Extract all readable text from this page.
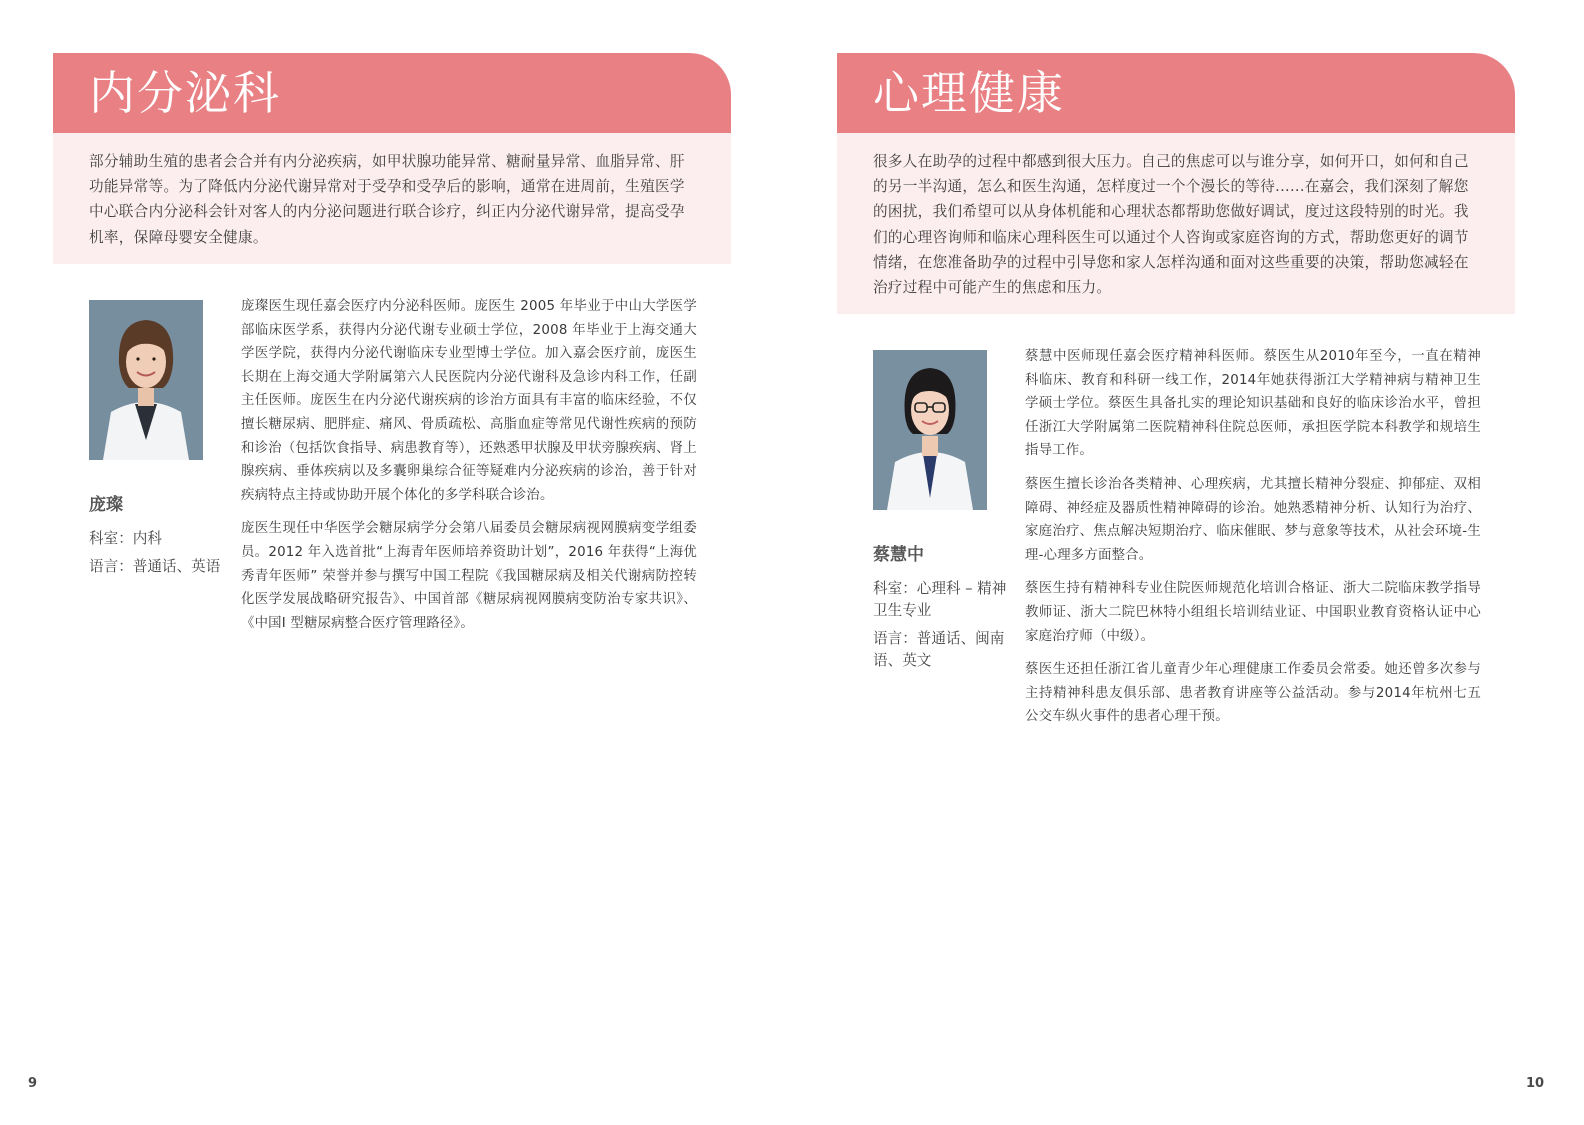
内分泌科
部分辅助生殖的患者会合并有内分泌疾病，如甲状腺功能异常、糖耐量异常、血脂异常、肝功能异常等。为了降低内分泌代谢异常对于受孕和受孕后的影响，通常在进周前，生殖医学中心联合内分泌科会针对客人的内分泌问题进行联合诊疗，纠正内分泌代谢异常，提高受孕机率，保障母婴安全健康。
庞璨

科室：内科

语言：普通话、英语

庞璨医生现任嘉会医疗内分泌科医师。庞医生 2005 年毕业于中山大学医学部临床医学系，获得内分泌代谢专业硕士学位，2008 年毕业于上海交通大学医学院，获得内分泌代谢临床专业型博士学位。加入嘉会医疗前，庞医生长期在上海交通大学附属第六人民医院内分泌代谢科及急诊内科工作，任副主任医师。庞医生在内分泌代谢疾病的诊治方面具有丰富的临床经验，不仅擅长糖尿病、肥胖症、痛风、骨质疏松、高脂血症等常见代谢性疾病的预防和诊治（包括饮食指导、病患教育等），还熟悉甲状腺及甲状旁腺疾病、肾上腺疾病、垂体疾病以及多囊卵巢综合征等疑难内分泌疾病的诊治，善于针对疾病特点主持或协助开展个体化的多学科联合诊治。

庞医生现任中华医学会糖尿病学分会第八届委员会糖尿病视网膜病变学组委员。2012 年入选首批“上海青年医师培养资助计划”，2016 年获得“上海优秀青年医师” 荣誉并参与撰写中国工程院《我国糖尿病及相关代谢病防控转化医学发展战略研究报告》、中国首部《糖尿病视网膜病变防治专家共识》、《中国I 型糖尿病整合医疗管理路径》。

心理健康
很多人在助孕的过程中都感到很大压力。自己的焦虑可以与谁分享，如何开口，如何和自己的另一半沟通，怎么和医生沟通，怎样度过一个个漫长的等待......在嘉会，我们深刻了解您的困扰，我们希望可以从身体机能和心理状态都帮助您做好调试，度过这段特别的时光。我们的心理咨询师和临床心理科医生可以通过个人咨询或家庭咨询的方式，帮助您更好的调节情绪，在您准备助孕的过程中引导您和家人怎样沟通和面对这些重要的决策，帮助您减轻在治疗过程中可能产生的焦虑和压力。
蔡慧中

科室：心理科 – 精神卫生专业

语言：普通话、闽南语、英文

蔡慧中医师现任嘉会医疗精神科医师。蔡医生从2010年至今，一直在精神科临床、教育和科研一线工作，2014年她获得浙江大学精神病与精神卫生学硕士学位。蔡医生具备扎实的理论知识基础和良好的临床诊治水平，曾担任浙江大学附属第二医院精神科住院总医师，承担医学院本科教学和规培生指导工作。

蔡医生擅长诊治各类精神、心理疾病，尤其擅长精神分裂症、抑郁症、双相障碍、神经症及器质性精神障碍的诊治。她熟悉精神分析、认知行为治疗、家庭治疗、焦点解决短期治疗、临床催眠、梦与意象等技术，从社会环境-生理-心理多方面整合。

蔡医生持有精神科专业住院医师规范化培训合格证、浙大二院临床教学指导教师证、浙大二院巴林特小组组长培训结业证、中国职业教育资格认证中心家庭治疗师（中级）。

蔡医生还担任浙江省儿童青少年心理健康工作委员会常委。她还曾多次参与主持精神科患友俱乐部、患者教育讲座等公益活动。参与2014年杭州七五公交车纵火事件的患者心理干预。

9	10
